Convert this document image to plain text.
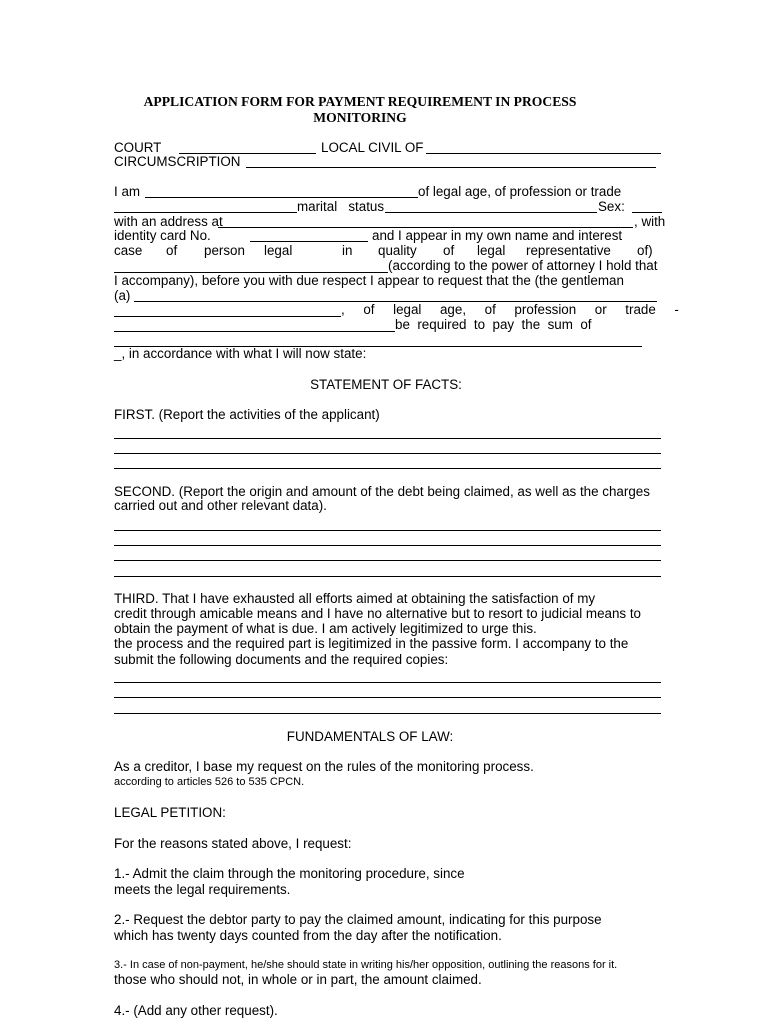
APPLICATION FORM FOR PAYMENT REQUIREMENT IN PROCESS
MONITORING
COURT	LOCAL CIVIL OF
CIRCUMSCRIPTION
I am	of legal age, of profession or trade
marital   status	Sex:
with an address at	, with
identity card No.	and I appear in my own name and interest
case of person legal	in quality of legal representative of)
(according to the power of attorney I hold that
I accompany), before you with due respect I appear to request that the (the gentleman
(a)
,     of     legal     age,     of     profession     or     trade     -
be  required  to  pay  the  sum  of
_, in accordance with what I will now state:
STATEMENT OF FACTS:
FIRST. (Report the activities of the applicant)
SECOND. (Report the origin and amount of the debt being claimed, as well as the charges
carried out and other relevant data).
THIRD. That I have exhausted all efforts aimed at obtaining the satisfaction of my
credit through amicable means and I have no alternative but to resort to judicial means to
obtain the payment of what is due. I am actively legitimized to urge this.
the process and the required part is legitimized in the passive form. I accompany to the
submit the following documents and the required copies:
FUNDAMENTALS OF LAW:
As a creditor, I base my request on the rules of the monitoring process.
according to articles 526 to 535 CPCN.
LEGAL PETITION:
For the reasons stated above, I request:
1.- Admit the claim through the monitoring procedure, since
meets the legal requirements.
2.- Request the debtor party to pay the claimed amount, indicating for this purpose
which has twenty days counted from the day after the notification.
3.- In case of non-payment, he/she should state in writing his/her opposition, outlining the reasons for it.
those who should not, in whole or in part, the amount claimed.
4.- (Add any other request).
